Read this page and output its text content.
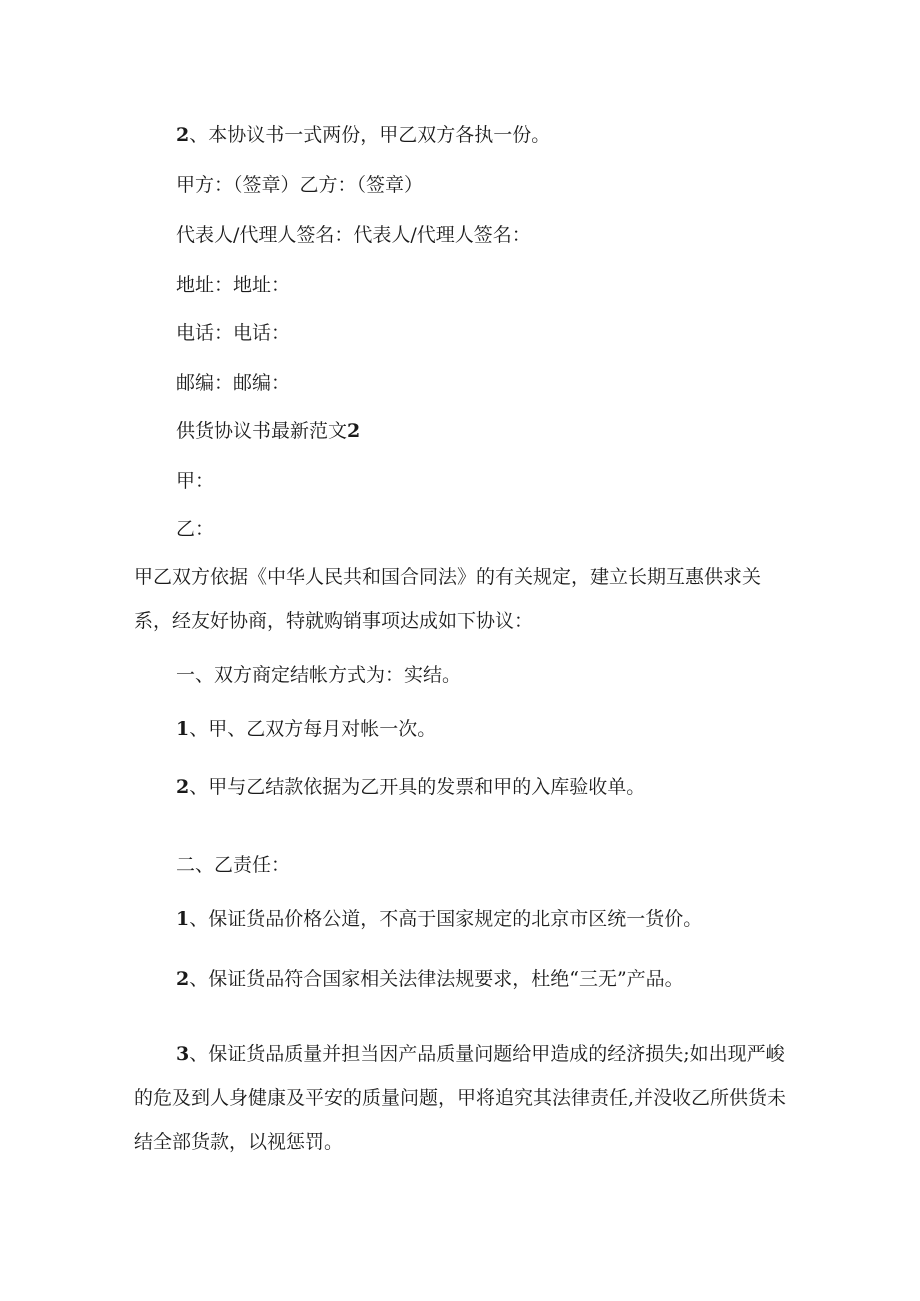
2、本协议书一式两份，甲乙双方各执一份。
甲方：（签章）乙方：（签章）
代表人/代理人签名：代表人/代理人签名：
地址：地址：
电话：电话：
邮编：邮编：
供货协议书最新范文2
甲：
乙：
甲乙双方依据《中华人民共和国合同法》的有关规定，建立长期互惠供求关系，经友好协商，特就购销事项达成如下协议：
一、双方商定结帐方式为：实结。
1、甲、乙双方每月对帐一次。
2、甲与乙结款依据为乙开具的发票和甲的入库验收单。
二、乙责任：
1、保证货品价格公道，不高于国家规定的北京市区统一货价。
2、保证货品符合国家相关法律法规要求，杜绝“三无”产品。
3、保证货品质量并担当因产品质量问题给甲造成的经济损失;如出现严峻的危及到人身健康及平安的质量问题，甲将追究其法律责任,并没收乙所供货未结全部货款，以视惩罚。
